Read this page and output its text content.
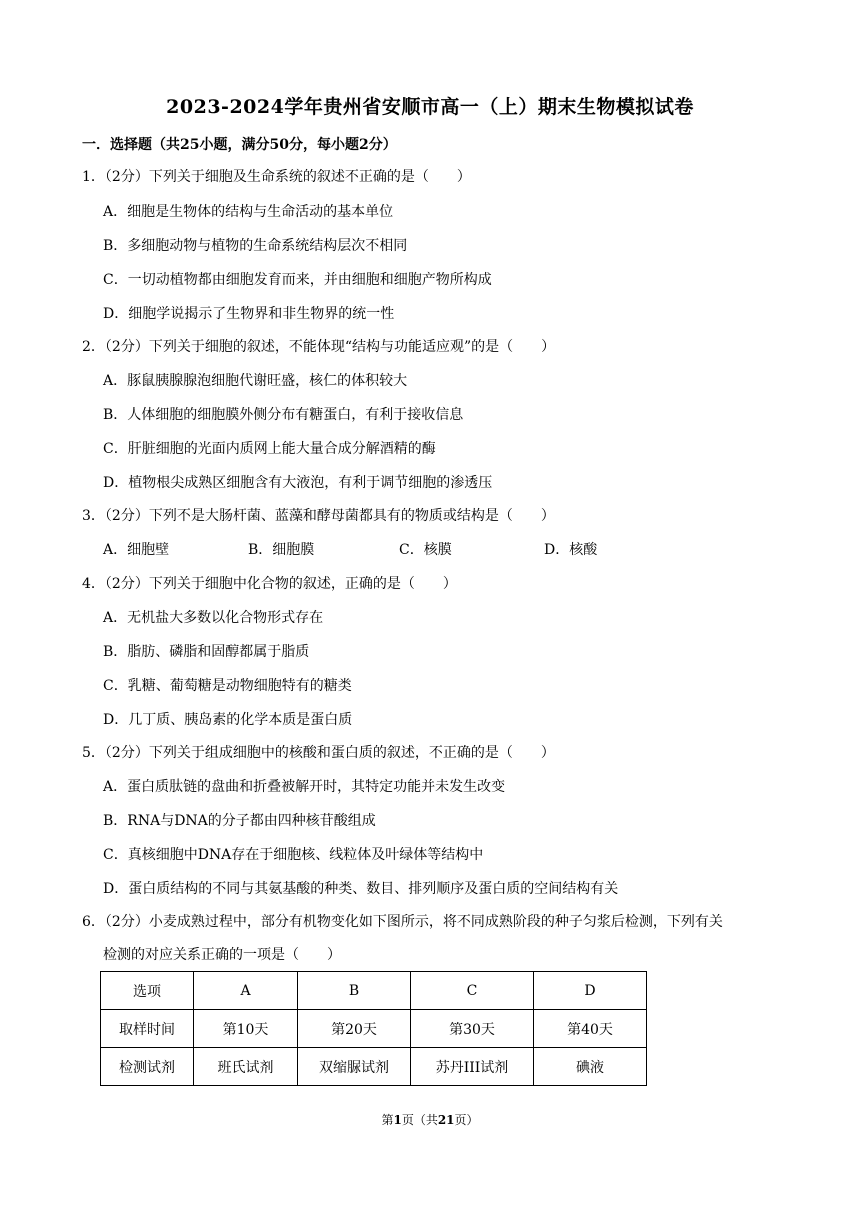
2023-2024学年贵州省安顺市高一（上）期末生物模拟试卷
一．选择题（共25小题，满分50分，每小题2分）
1．（2分）下列关于细胞及生命系统的叙述不正确的是（　　）
A．细胞是生物体的结构与生命活动的基本单位
B．多细胞动物与植物的生命系统结构层次不相同
C．一切动植物都由细胞发育而来，并由细胞和细胞产物所构成
D．细胞学说揭示了生物界和非生物界的统一性
2．（2分）下列关于细胞的叙述，不能体现“结构与功能适应观”的是（　　）
A．豚鼠胰腺腺泡细胞代谢旺盛，核仁的体积较大
B．人体细胞的细胞膜外侧分布有糖蛋白，有利于接收信息
C．肝脏细胞的光面内质网上能大量合成分解酒精的酶
D．植物根尖成熟区细胞含有大液泡，有利于调节细胞的渗透压
3．（2分）下列不是大肠杆菌、蓝藻和酵母菌都具有的物质或结构是（　　）
A．细胞壁	B．细胞膜	C．核膜	D．核酸
4．（2分）下列关于细胞中化合物的叙述，正确的是（　　）
A．无机盐大多数以化合物形式存在
B．脂肪、磷脂和固醇都属于脂质
C．乳糖、葡萄糖是动物细胞特有的糖类
D．几丁质、胰岛素的化学本质是蛋白质
5．（2分）下列关于组成细胞中的核酸和蛋白质的叙述，不正确的是（　　）
A．蛋白质肽链的盘曲和折叠被解开时，其特定功能并未发生改变
B．RNA与DNA的分子都由四种核苷酸组成
C．真核细胞中DNA存在于细胞核、线粒体及叶绿体等结构中
D．蛋白质结构的不同与其氨基酸的种类、数目、排列顺序及蛋白质的空间结构有关
6．（2分）小麦成熟过程中，部分有机物变化如下图所示，将不同成熟阶段的种子匀浆后检测，下列有关
检测的对应关系正确的一项是（　　）
选项	A	B	C	D
取样时间	第10天	第20天	第30天	第40天
检测试剂	班氏试剂	双缩脲试剂	苏丹III试剂	碘液
第1页（共21页）
